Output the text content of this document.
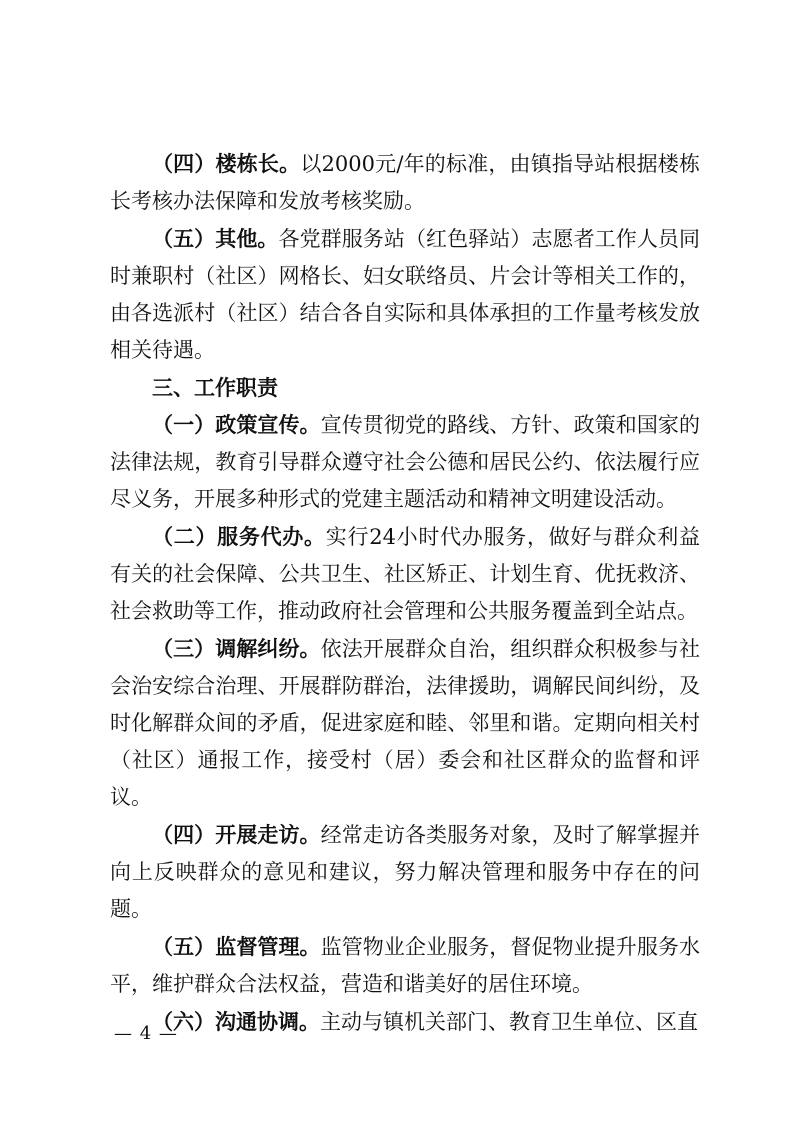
（四）楼栋长。以2000元/年的标准，由镇指导站根据楼栋长考核办法保障和发放考核奖励。

（五）其他。各党群服务站（红色驿站）志愿者工作人员同时兼职村（社区）网格长、妇女联络员、片会计等相关工作的，由各选派村（社区）结合各自实际和具体承担的工作量考核发放相关待遇。

三、工作职责

（一）政策宣传。宣传贯彻党的路线、方针、政策和国家的法律法规，教育引导群众遵守社会公德和居民公约、依法履行应尽义务，开展多种形式的党建主题活动和精神文明建设活动。

（二）服务代办。实行24小时代办服务，做好与群众利益有关的社会保障、公共卫生、社区矫正、计划生育、优抚救济、社会救助等工作，推动政府社会管理和公共服务覆盖到全站点。

（三）调解纠纷。依法开展群众自治，组织群众积极参与社会治安综合治理、开展群防群治，法律援助，调解民间纠纷，及时化解群众间的矛盾，促进家庭和睦、邻里和谐。定期向相关村（社区）通报工作，接受村（居）委会和社区群众的监督和评议。

（四）开展走访。经常走访各类服务对象，及时了解掌握并向上反映群众的意见和建议，努力解决管理和服务中存在的问题。

（五）监督管理。监管物业企业服务，督促物业提升服务水平，维护群众合法权益，营造和谐美好的居住环境。

（六）沟通协调。主动与镇机关部门、教育卫生单位、区直

— 4 —
